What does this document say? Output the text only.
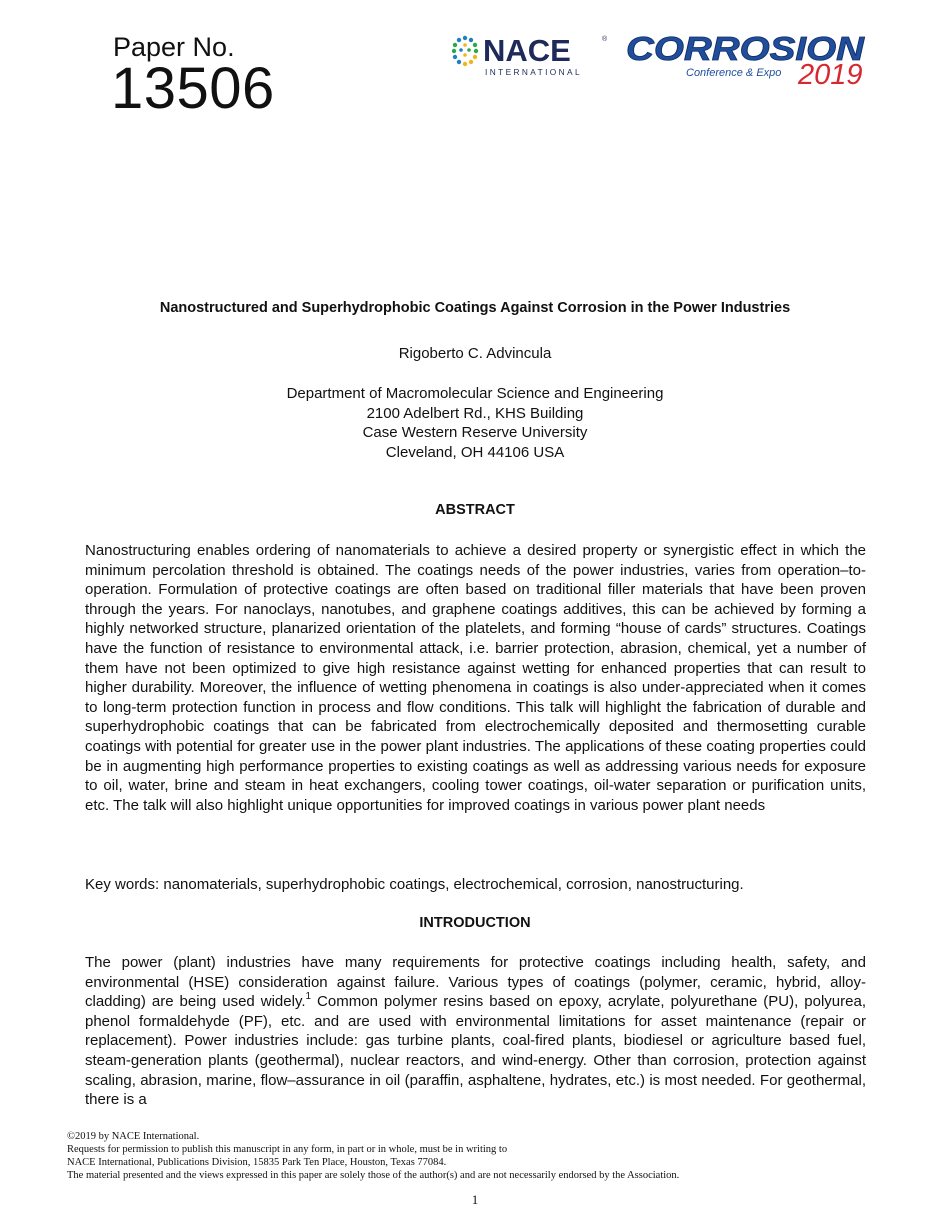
Paper No.
13506
NACE	®
INTERNATIONAL
CORROSION
Conference & Expo 2019
Nanostructured and Superhydrophobic Coatings Against Corrosion in the Power Industries
Rigoberto C. Advincula
Department of Macromolecular Science and Engineering
2100 Adelbert Rd., KHS Building
Case Western Reserve University
Cleveland, OH 44106 USA
ABSTRACT
Nanostructuring enables ordering of nanomaterials to achieve a desired property or synergistic effect in which the minimum percolation threshold is obtained. The coatings needs of the power industries, varies from operation–to-operation. Formulation of protective coatings are often based on traditional filler materials that have been proven through the years. For nanoclays, nanotubes, and graphene coatings additives, this can be achieved by forming a highly networked structure, planarized orientation of the platelets, and forming “house of cards” structures. Coatings have the function of resistance to environmental attack, i.e. barrier protection, abrasion, chemical, yet a number of them have not been optimized to give high resistance against wetting for enhanced properties that can result to higher durability. Moreover, the influence of wetting phenomena in coatings is also under-appreciated when it comes to long-term protection function in process and flow conditions. This talk will highlight the fabrication of durable and superhydrophobic coatings that can be fabricated from electrochemically deposited and thermosetting curable coatings with potential for greater use in the power plant industries. The applications of these coating properties could be in augmenting high performance properties to existing coatings as well as addressing various needs for exposure to oil, water, brine and steam in heat exchangers, cooling tower coatings, oil-water separation or purification units, etc. The talk will also highlight unique opportunities for improved coatings in various power plant needs
Key words: nanomaterials, superhydrophobic coatings, electrochemical, corrosion, nanostructuring.
INTRODUCTION
The power (plant) industries have many requirements for protective coatings including health, safety, and environmental (HSE) consideration against failure. Various types of coatings (polymer, ceramic, hybrid, alloy-cladding) are being used widely.$^1$ Common polymer resins based on epoxy, acrylate, polyurethane (PU), polyurea, phenol formaldehyde (PF), etc. and are used with environmental limitations for asset maintenance (repair or replacement). Power industries include: gas turbine plants, coal-fired plants, biodiesel or agriculture based fuel, steam-generation plants (geothermal), nuclear reactors, and wind-energy. Other than corrosion, protection against scaling, abrasion, marine, flow–assurance in oil (paraffin, asphaltene, hydrates, etc.) is most needed. For geothermal, there is a
©2019 by NACE International.
Requests for permission to publish this manuscript in any form, in part or in whole, must be in writing to
NACE International, Publications Division, 15835 Park Ten Place, Houston, Texas 77084.
The material presented and the views expressed in this paper are solely those of the author(s) and are not necessarily endorsed by the Association.
1
